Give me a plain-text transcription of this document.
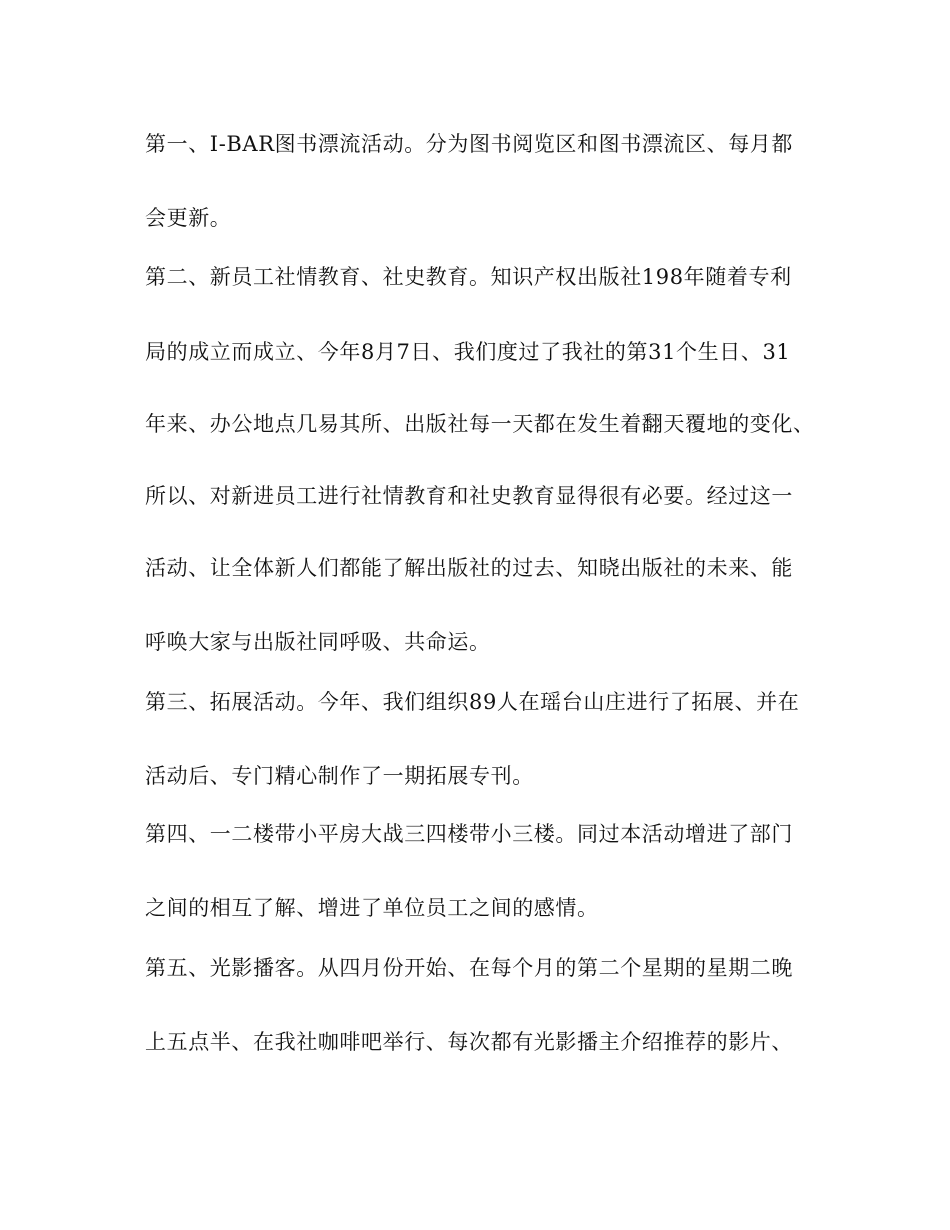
第一、I-BAR图书漂流活动。分为图书阅览区和图书漂流区、每月都
会更新。
第二、新员工社情教育、社史教育。知识产权出版社198年随着专利
局的成立而成立、今年8月7日、我们度过了我社的第31个生日、31
年来、办公地点几易其所、出版社每一天都在发生着翻天覆地的变化、
所以、对新进员工进行社情教育和社史教育显得很有必要。经过这一
活动、让全体新人们都能了解出版社的过去、知晓出版社的未来、能
呼唤大家与出版社同呼吸、共命运。
第三、拓展活动。今年、我们组织89人在瑶台山庄进行了拓展、并在
活动后、专门精心制作了一期拓展专刊。
第四、一二楼带小平房大战三四楼带小三楼。同过本活动增进了部门
之间的相互了解、增进了单位员工之间的感情。
第五、光影播客。从四月份开始、在每个月的第二个星期的星期二晚
上五点半、在我社咖啡吧举行、每次都有光影播主介绍推荐的影片、
